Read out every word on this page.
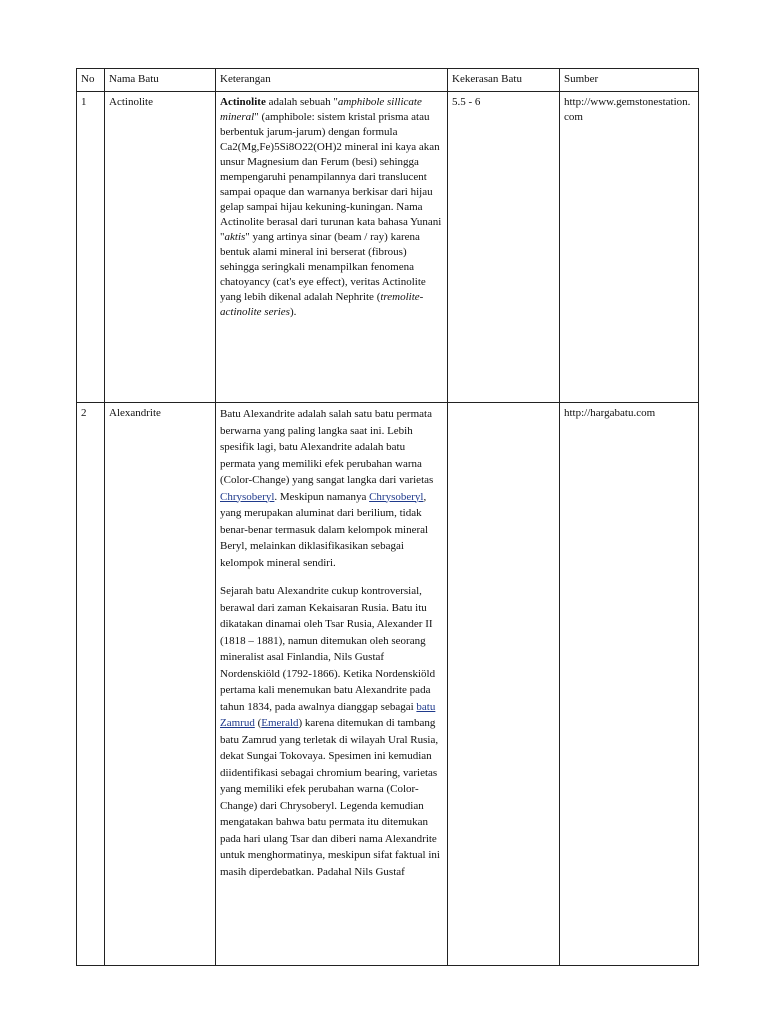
No	Nama Batu	Keterangan	Kekerasan Batu	Sumber
1	Actinolite	Actinolite adalah sebuah "amphibole sillicate mineral" (amphibole: sistem kristal prisma atau berbentuk jarum-jarum) dengan formula Ca2(Mg,Fe)5Si8O22(OH)2 mineral ini kaya akan unsur Magnesium dan Ferum (besi) sehingga mempengaruhi penampilannya dari translucent sampai opaque dan warnanya berkisar dari hijau gelap sampai hijau kekuning-kuningan. Nama Actinolite berasal dari turunan kata bahasa Yunani "aktis" yang artinya sinar (beam / ray) karena bentuk alami mineral ini berserat (fibrous) sehingga seringkali menampilkan fenomena chatoyancy (cat's eye effect), veritas Actinolite yang lebih dikenal adalah Nephrite (tremolite-actinolite series).	5.5 - 6	http://www.gemstonestation.com
2	Alexandrite	Batu Alexandrite adalah salah satu batu permata berwarna yang paling langka saat ini. Lebih spesifik lagi, batu Alexandrite adalah batu permata yang memiliki efek perubahan warna (Color-Change) yang sangat langka dari varietas Chrysoberyl. Meskipun namanya Chrysoberyl, yang merupakan aluminat dari berilium, tidak benar-benar termasuk dalam kelompok mineral Beryl, melainkan diklasifikasikan sebagai kelompok mineral sendiri.

Sejarah batu Alexandrite cukup kontroversial, berawal dari zaman Kekaisaran Rusia. Batu itu dikatakan dinamai oleh Tsar Rusia, Alexander II (1818 – 1881), namun ditemukan oleh seorang mineralist asal Finlandia, Nils Gustaf Nordenskiöld (1792-1866). Ketika Nordenskiöld pertama kali menemukan batu Alexandrite pada tahun 1834, pada awalnya dianggap sebagai batu Zamrud (Emerald) karena ditemukan di tambang batu Zamrud yang terletak di wilayah Ural Rusia, dekat Sungai Tokovaya. Spesimen ini kemudian diidentifikasi sebagai chromium bearing, varietas yang memiliki efek perubahan warna (Color-Change) dari Chrysoberyl. Legenda kemudian mengatakan bahwa batu permata itu ditemukan pada hari ulang Tsar dan diberi nama Alexandrite untuk menghormatinya, meskipun sifat faktual ini masih diperdebatkan. Padahal Nils Gustaf		http://hargabatu.com
